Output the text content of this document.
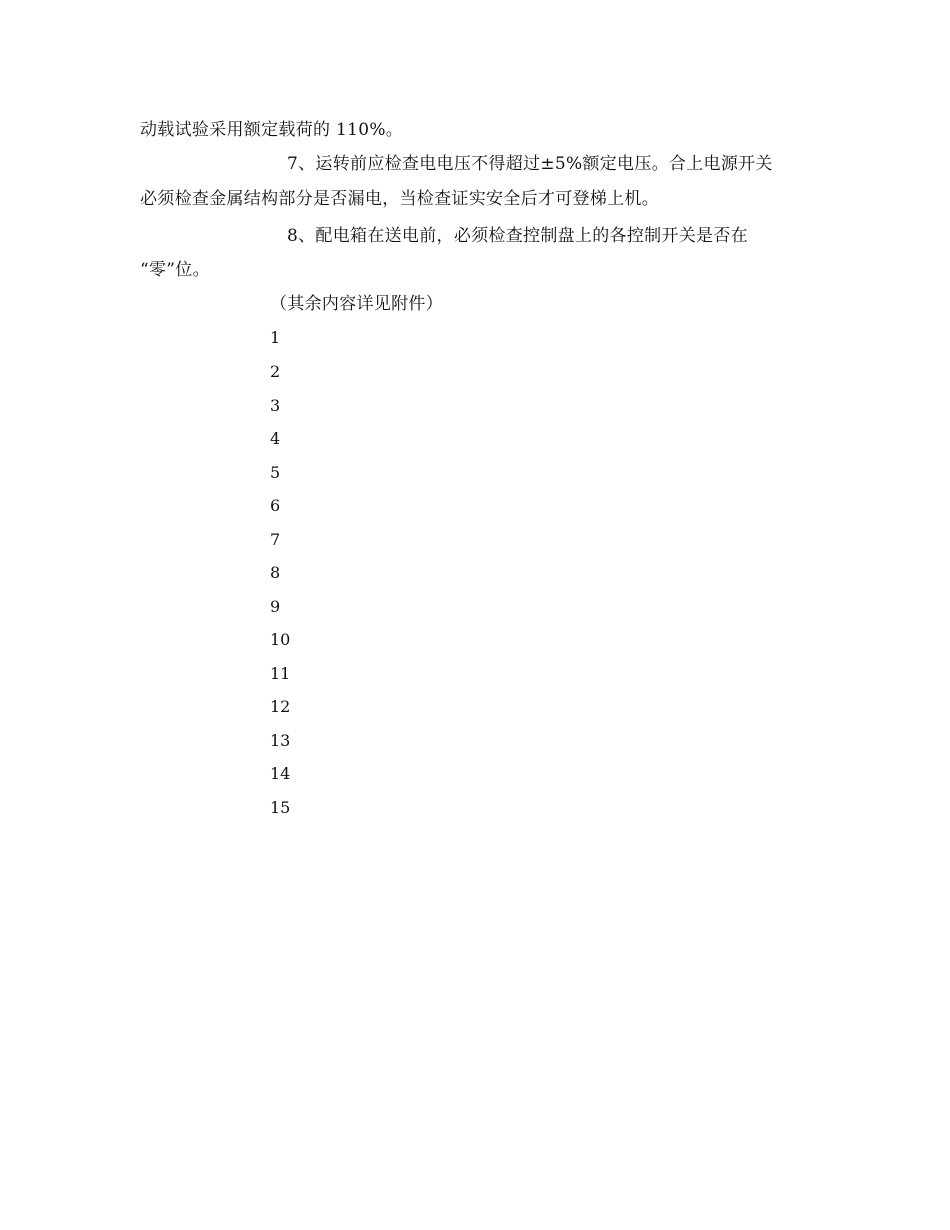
动载试验采用额定载荷的 110%。
7、运转前应检查电电压不得超过±5%额定电压。合上电源开关
必须检查金属结构部分是否漏电，当检查证实安全后才可登梯上机。
8、配电箱在送电前，必须检查控制盘上的各控制开关是否在
“零”位。
（其余内容详见附件）
1
2
3
4
5
6
7
8
9
10
11
12
13
14
15
